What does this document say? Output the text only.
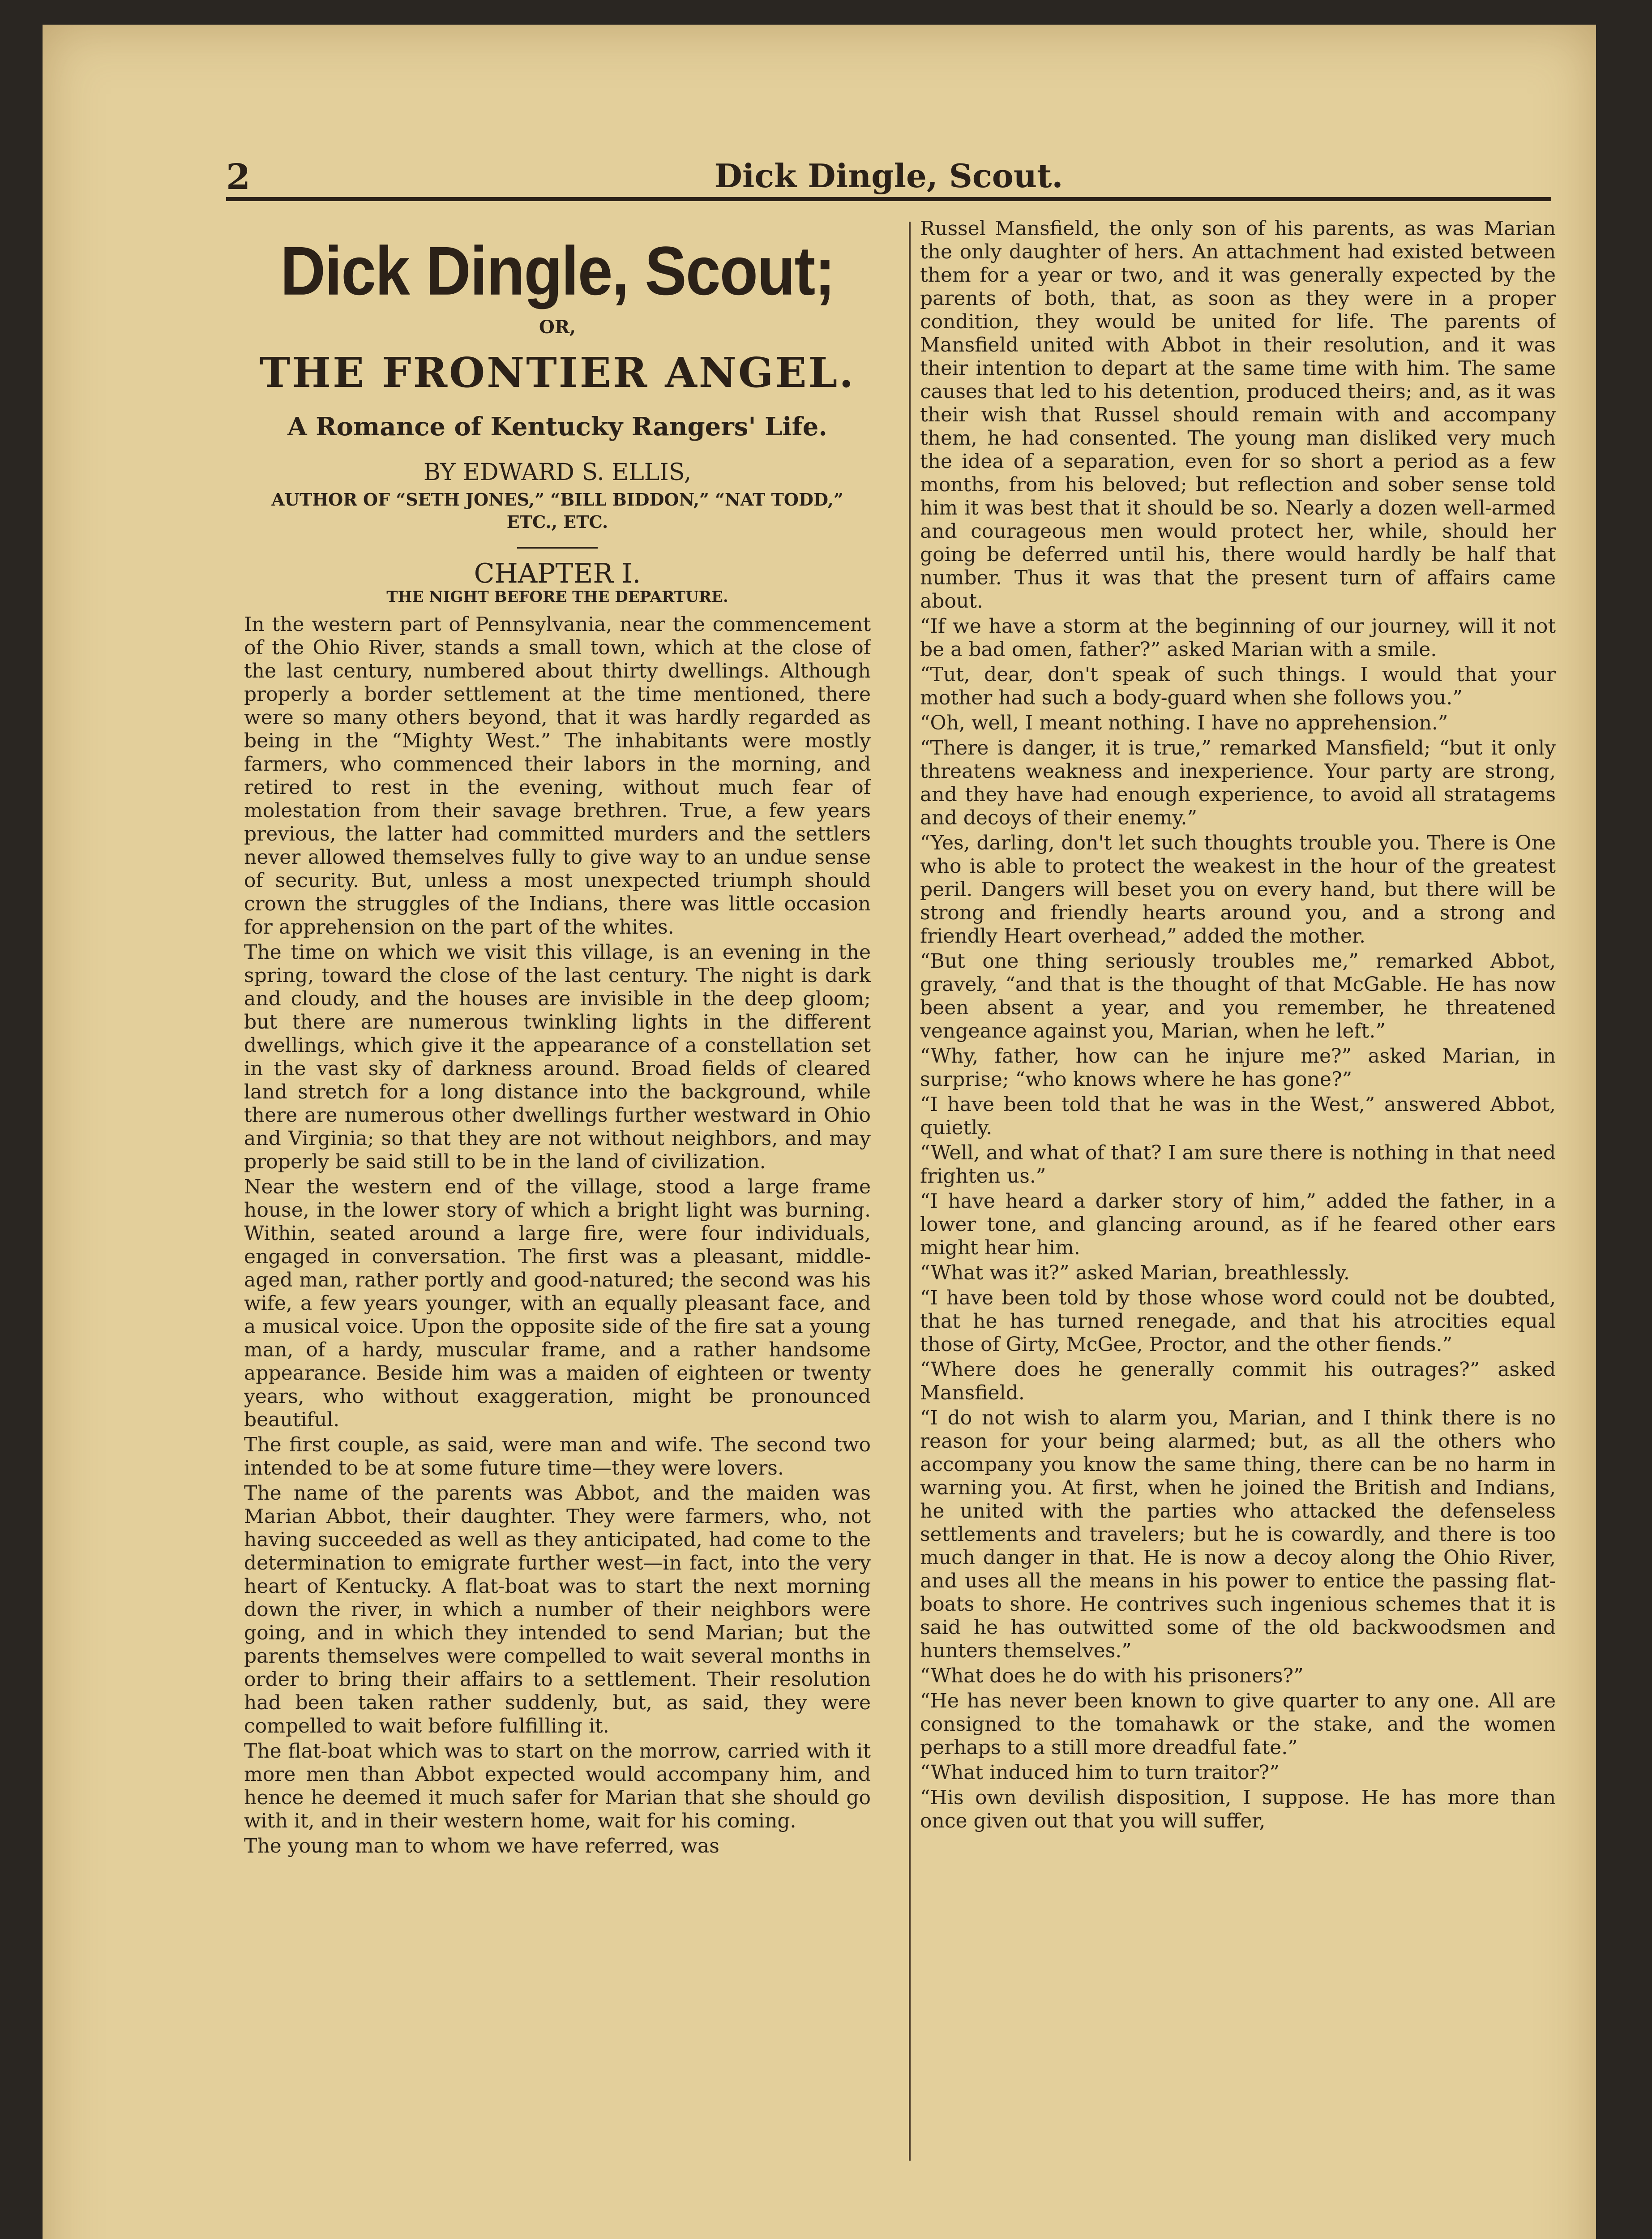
2	Dick Dingle, Scout.
Dick Dingle, Scout;
OR,
THE FRONTIER ANGEL.
A Romance of Kentucky Rangers' Life.
BY EDWARD S. ELLIS,
AUTHOR OF “SETH JONES,” “BILL BIDDON,” “NAT TODD,” ETC., ETC.
CHAPTER I.
THE NIGHT BEFORE THE DEPARTURE.

In the western part of Pennsylvania, near the commencement of the Ohio River, stands a small town, which at the close of the last century, numbered about thirty dwellings. Although properly a border settlement at the time mentioned, there were so many others beyond, that it was hardly regarded as being in the “Mighty West.” The inhabitants were mostly farmers, who commenced their labors in the morning, and retired to rest in the evening, without much fear of molestation from their savage brethren. True, a few years previous, the latter had committed murders and the settlers never allowed themselves fully to give way to an undue sense of security. But, unless a most unexpected triumph should crown the struggles of the Indians, there was little occasion for apprehension on the part of the whites.

The time on which we visit this village, is an evening in the spring, toward the close of the last century. The night is dark and cloudy, and the houses are invisible in the deep gloom; but there are numerous twinkling lights in the different dwellings, which give it the appearance of a constellation set in the vast sky of darkness around. Broad fields of cleared land stretch for a long distance into the background, while there are numerous other dwellings further westward in Ohio and Virginia; so that they are not without neighbors, and may properly be said still to be in the land of civilization.

Near the western end of the village, stood a large frame house, in the lower story of which a bright light was burning. Within, seated around a large fire, were four individuals, engaged in conversation. The first was a pleasant, middle-aged man, rather portly and good-natured; the second was his wife, a few years younger, with an equally pleasant face, and a musical voice. Upon the opposite side of the fire sat a young man, of a hardy, muscular frame, and a rather handsome appearance. Beside him was a maiden of eighteen or twenty years, who without exaggeration, might be pronounced beautiful.

The first couple, as said, were man and wife. The second two intended to be at some future time—they were lovers.

The name of the parents was Abbot, and the maiden was Marian Abbot, their daughter. They were farmers, who, not having succeeded as well as they anticipated, had come to the determination to emigrate further west—in fact, into the very heart of Kentucky. A flat-boat was to start the next morning down the river, in which a number of their neighbors were going, and in which they intended to send Marian; but the parents themselves were compelled to wait several months in order to bring their affairs to a settlement. Their resolution had been taken rather suddenly, but, as said, they were compelled to wait before fulfilling it.

The flat-boat which was to start on the morrow, carried with it more men than Abbot expected would accompany him, and hence he deemed it much safer for Marian that she should go with it, and in their western home, wait for his coming.

The young man to whom we have referred, was

Russel Mansfield, the only son of his parents, as was Marian the only daughter of hers. An attachment had existed between them for a year or two, and it was generally expected by the parents of both, that, as soon as they were in a proper condition, they would be united for life. The parents of Mansfield united with Abbot in their resolution, and it was their intention to depart at the same time with him. The same causes that led to his detention, produced theirs; and, as it was their wish that Russel should remain with and accompany them, he had consented. The young man disliked very much the idea of a separation, even for so short a period as a few months, from his beloved; but reflection and sober sense told him it was best that it should be so. Nearly a dozen well-armed and courageous men would protect her, while, should her going be deferred until his, there would hardly be half that number. Thus it was that the present turn of affairs came about.

“If we have a storm at the beginning of our journey, will it not be a bad omen, father?” asked Marian with a smile.

“Tut, dear, don't speak of such things. I would that your mother had such a body-guard when she follows you.”

“Oh, well, I meant nothing. I have no apprehension.”

“There is danger, it is true,” remarked Mansfield; “but it only threatens weakness and inexperience. Your party are strong, and they have had enough experience, to avoid all stratagems and decoys of their enemy.”

“Yes, darling, don't let such thoughts trouble you. There is One who is able to protect the weakest in the hour of the greatest peril. Dangers will beset you on every hand, but there will be strong and friendly hearts around you, and a strong and friendly Heart overhead,” added the mother.

“But one thing seriously troubles me,” remarked Abbot, gravely, “and that is the thought of that McGable. He has now been absent a year, and you remember, he threatened vengeance against you, Marian, when he left.”

“Why, father, how can he injure me?” asked Marian, in surprise; “who knows where he has gone?”

“I have been told that he was in the West,” answered Abbot, quietly.

“Well, and what of that? I am sure there is nothing in that need frighten us.”

“I have heard a darker story of him,” added the father, in a lower tone, and glancing around, as if he feared other ears might hear him.

“What was it?” asked Marian, breathlessly.

“I have been told by those whose word could not be doubted, that he has turned renegade, and that his atrocities equal those of Girty, McGee, Proctor, and the other fiends.”

“Where does he generally commit his outrages?” asked Mansfield.

“I do not wish to alarm you, Marian, and I think there is no reason for your being alarmed; but, as all the others who accompany you know the same thing, there can be no harm in warning you. At first, when he joined the British and Indians, he united with the parties who attacked the defenseless settlements and travelers; but he is cowardly, and there is too much danger in that. He is now a decoy along the Ohio River, and uses all the means in his power to entice the passing flat-boats to shore. He contrives such ingenious schemes that it is said he has outwitted some of the old backwoodsmen and hunters themselves.”

“What does he do with his prisoners?”

“He has never been known to give quarter to any one. All are consigned to the tomahawk or the stake, and the women perhaps to a still more dreadful fate.”

“What induced him to turn traitor?”

“His own devilish disposition, I suppose. He has more than once given out that you will suffer,
